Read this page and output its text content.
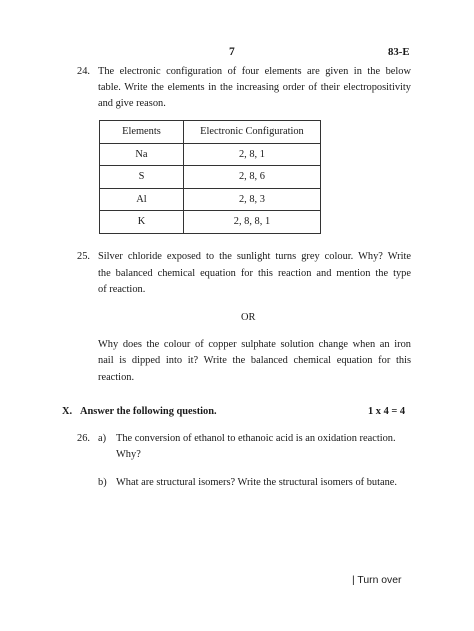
7	83-E
24. The electronic configuration of four elements are given in the below
table. Write the elements in the increasing order of their electropositivity
and give reason.
Elements	Electronic Configuration
Na	2, 8, 1
S	2, 8, 6
Al	2, 8, 3
K	2, 8, 8, 1
25. Silver chloride exposed to the sunlight turns grey colour. Why? Write
the balanced chemical equation for this reaction and mention the type
of reaction.
OR
Why does the colour of copper sulphate solution change when an iron
nail is dipped into it? Write the balanced chemical equation for this
reaction.
X. Answer the following question.	1 x 4 = 4
26. a) The conversion of ethanol to ethanoic acid is an oxidation reaction.
Why?
b) What are structural isomers? Write the structural isomers of butane.
| Turn over
